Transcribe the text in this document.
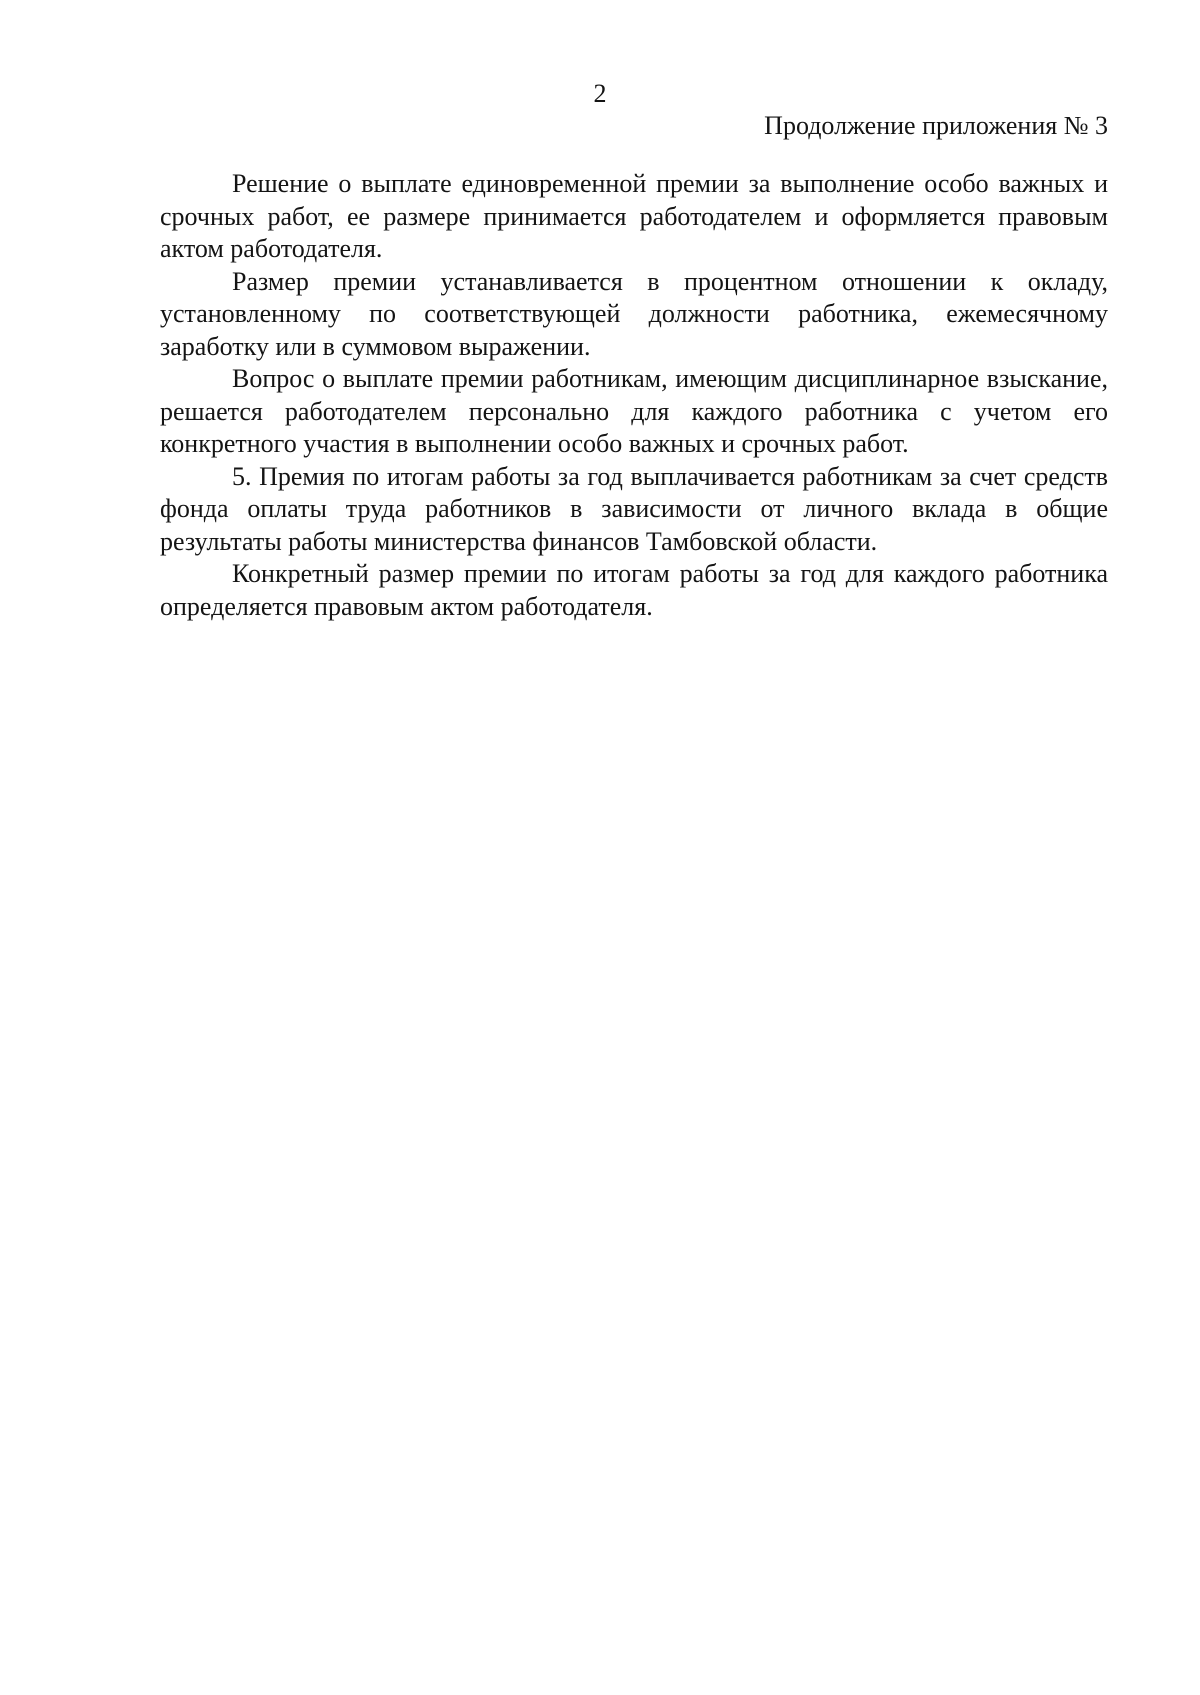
2
Продолжение приложения № 3

Решение о выплате единовременной премии за выполнение особо важных и срочных работ, ее размере принимается работодателем и оформляется правовым актом работодателя.

Размер премии устанавливается в процентном отношении к окладу, установленному по соответствующей должности работника, ежемесячному заработку или в суммовом выражении.

Вопрос о выплате премии работникам, имеющим дисциплинарное взыскание, решается работодателем персонально для каждого работника с учетом его конкретного участия в выполнении особо важных и срочных работ.

5. Премия по итогам работы за год выплачивается работникам за счет средств фонда оплаты труда работников в зависимости от личного вклада в общие результаты работы министерства финансов Тамбовской области.

Конкретный размер премии по итогам работы за год для каждого работника определяется правовым актом работодателя.
